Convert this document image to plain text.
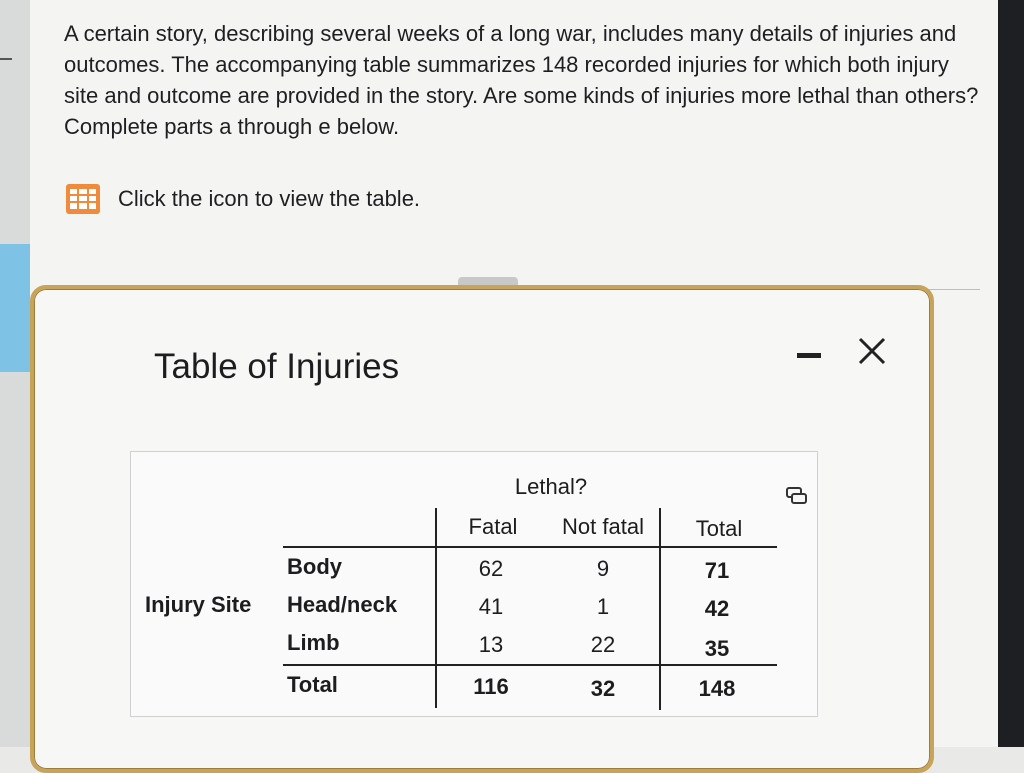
A certain story, describing several weeks of a long war, includes many details of injuries and outcomes. The accompanying table summarizes 148 recorded injuries for which both injury site and outcome are provided in the story. Are some kinds of injuries more lethal than others? Complete parts a through e below.
Click the icon to view the table.
Table of Injuries
Lethal?
Fatal Not fatal Total
Injury Site
Body	62	9	71
Head/neck	41	1	42
Limb	13	22	35
Total	116	32	148
